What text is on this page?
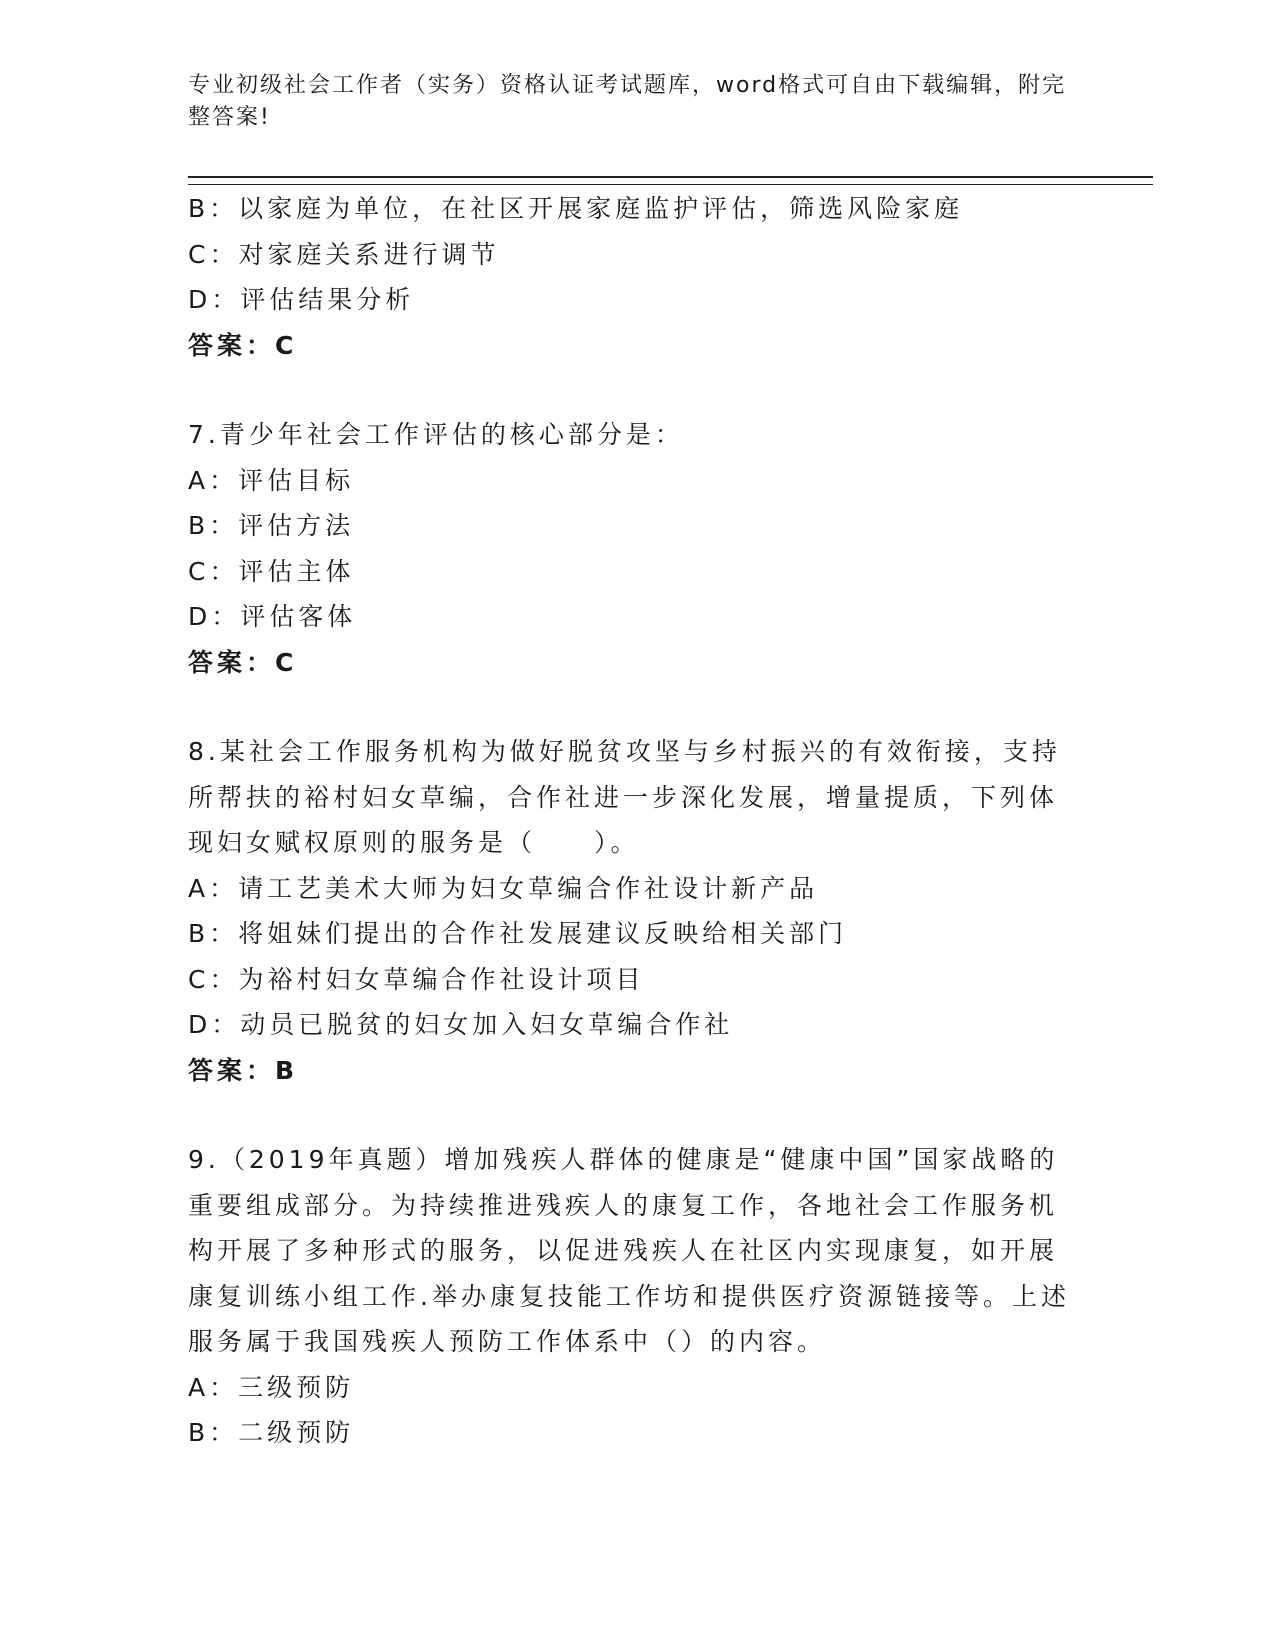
专业初级社会工作者（实务）资格认证考试题库，word格式可自由下载编辑，附完整答案!
B：以家庭为单位，在社区开展家庭监护评估，筛选风险家庭
C：对家庭关系进行调节
D：评估结果分析
答案：C
7.青少年社会工作评估的核心部分是：
A：评估目标
B：评估方法
C：评估主体
D：评估客体
答案：C
8.某社会工作服务机构为做好脱贫攻坚与乡村振兴的有效衔接，支持
所帮扶的裕村妇女草编，合作社进一步深化发展，增量提质，下列体
现妇女赋权原则的服务是（　　）。
A：请工艺美术大师为妇女草编合作社设计新产品
B：将姐妹们提出的合作社发展建议反映给相关部门
C：为裕村妇女草编合作社设计项目
D：动员已脱贫的妇女加入妇女草编合作社
答案：B
9.（2019年真题）增加残疾人群体的健康是“健康中国”国家战略的
重要组成部分。为持续推进残疾人的康复工作，各地社会工作服务机
构开展了多种形式的服务，以促进残疾人在社区内实现康复，如开展
康复训练小组工作.举办康复技能工作坊和提供医疗资源链接等。上述
服务属于我国残疾人预防工作体系中（）的内容。
A：三级预防
B：二级预防
